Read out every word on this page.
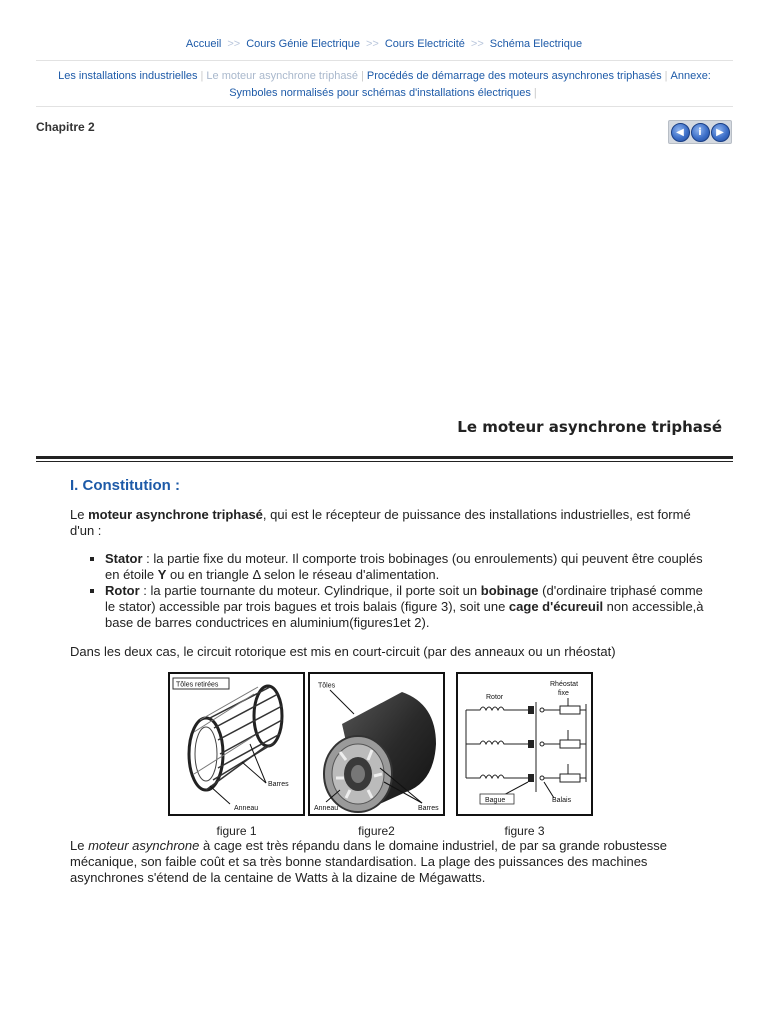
Accueil >> Cours Génie Electrique >> Cours Electricité >> Schéma Electrique
Les installations industrielles | Le moteur asynchrone triphasé | Procédés de démarrage des moteurs asynchrones triphasés | Annexe: Symboles normalisés pour schémas d'installations électriques |
Chapitre 2	◀	i	▶
Le moteur asynchrone triphasé
I. Constitution :

Le moteur asynchrone triphasé, qui est le récepteur de puissance des installations industrielles, est formé d'un :

▪ Stator : la partie fixe du moteur. Il comporte trois bobinages (ou enroulements) qui peuvent être couplés en étoile Y ou en triangle Δ selon le réseau d'alimentation.
▪ Rotor : la partie tournante du moteur. Cylindrique, il porte soit un bobinage (d'ordinaire triphasé comme le stator) accessible par trois bagues et trois balais (figure 3), soit une cage d'écureuil non accessible,à base de barres conductrices en aluminium(figures1et 2).

Dans les deux cas, le circuit rotorique est mis en court-circuit (par des anneaux ou un rhéostat)

Tôles retirées
Barres
Anneau
figure 1
Tôles
Anneau	Barres
figure2
Rotor
Rhéostat
fixe
Bague	Balais
figure 3

Le moteur asynchrone à cage est très répandu dans le domaine industriel, de par sa grande robustesse mécanique, son faible coût et sa très bonne standardisation. La plage des puissances des machines asynchrones s'étend de la centaine de Watts à la dizaine de Mégawatts.
